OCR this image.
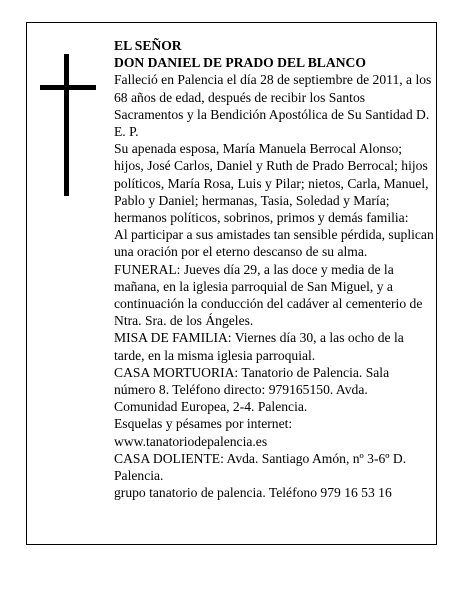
EL SEÑOR

DON DANIEL DE PRADO DEL BLANCO

Falleció en Palencia el día 28 de septiembre de 2011, a los 68 años de edad, después de recibir los Santos Sacramentos y la Bendición Apostólica de Su Santidad D. E. P.

Su apenada esposa, María Manuela Berrocal Alonso; hijos, José Carlos, Daniel y Ruth de Prado Berrocal; hijos políticos, María Rosa, Luis y Pilar; nietos, Carla, Manuel, Pablo y Daniel; hermanas, Tasia, Soledad y María; hermanos políticos, sobrinos, primos y demás familia:

Al participar a sus amistades tan sensible pérdida, suplican una oración por el eterno descanso de su alma.

FUNERAL: Jueves día 29, a las doce y media de la mañana, en la iglesia parroquial de San Miguel, y a continuación la conducción del cadáver al cementerio de Ntra. Sra. de los Ángeles.

MISA DE FAMILIA: Viernes día 30, a las ocho de la tarde, en la misma iglesia parroquial.

CASA MORTUORIA: Tanatorio de Palencia. Sala número 8. Teléfono directo: 979165150. Avda. Comunidad Europea, 2-4. Palencia.

Esquelas y pésames por internet: www.tanatoriodepalencia.es

CASA DOLIENTE: Avda. Santiago Amón, nº 3-6º D. Palencia.

grupo tanatorio de palencia. Teléfono 979 16 53 16
